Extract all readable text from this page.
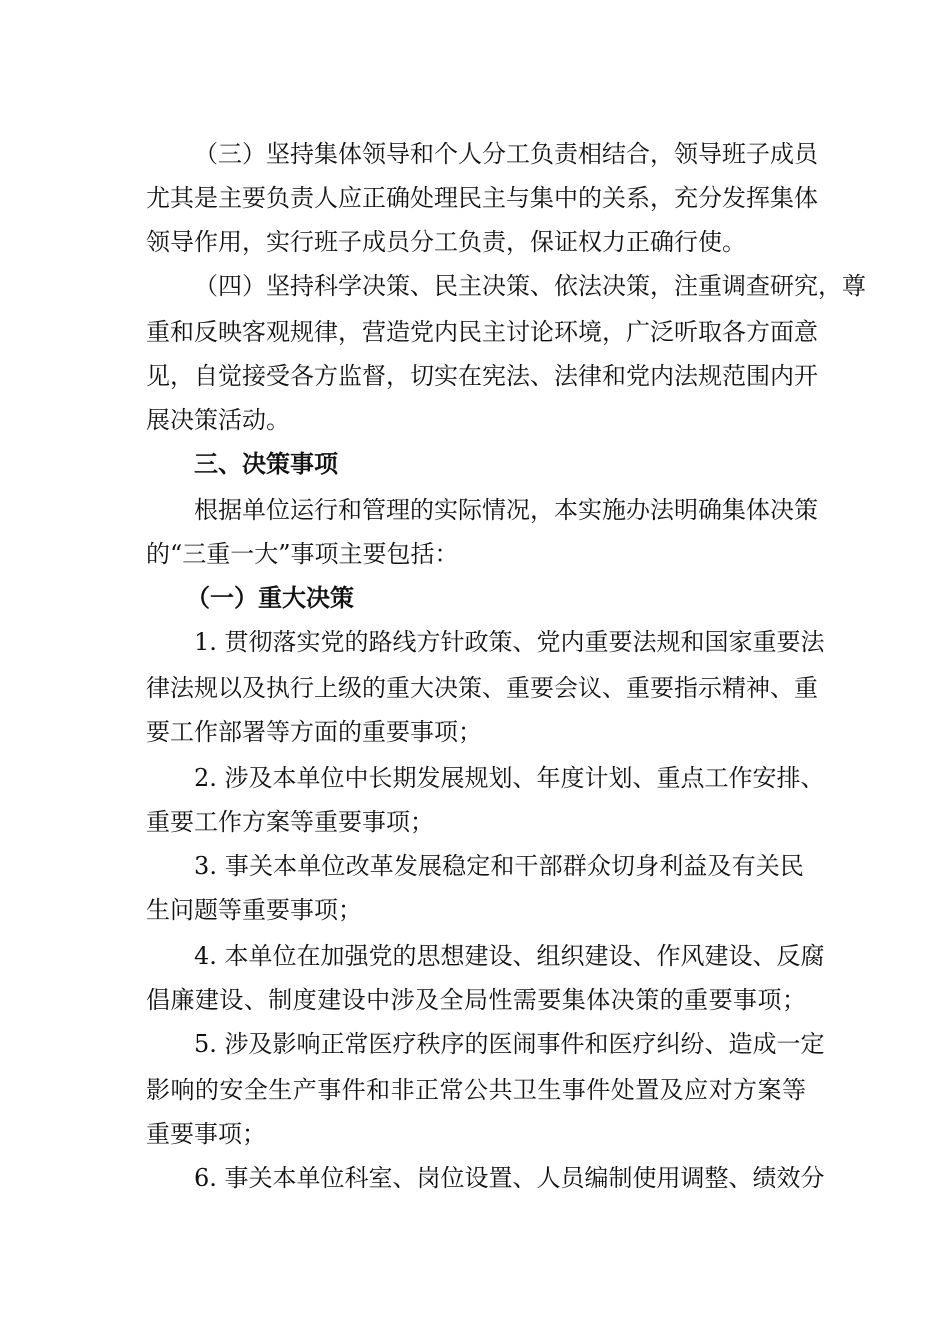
（三）坚持集体领导和个人分工负责相结合，领导班子成员
尤其是主要负责人应正确处理民主与集中的关系，充分发挥集体
领导作用，实行班子成员分工负责，保证权力正确行使。
（四）坚持科学决策、民主决策、依法决策，注重调查研究，尊
重和反映客观规律，营造党内民主讨论环境，广泛听取各方面意
见，自觉接受各方监督，切实在宪法、法律和党内法规范围内开
展决策活动。
三、决策事项
根据单位运行和管理的实际情况，本实施办法明确集体决策
的“三重一大”事项主要包括：
（一）重大决策
1. 贯彻落实党的路线方针政策、党内重要法规和国家重要法
律法规以及执行上级的重大决策、重要会议、重要指示精神、重
要工作部署等方面的重要事项；
2. 涉及本单位中长期发展规划、年度计划、重点工作安排、
重要工作方案等重要事项；
3. 事关本单位改革发展稳定和干部群众切身利益及有关民
生问题等重要事项；
4. 本单位在加强党的思想建设、组织建设、作风建设、反腐
倡廉建设、制度建设中涉及全局性需要集体决策的重要事项；
5. 涉及影响正常医疗秩序的医闹事件和医疗纠纷、造成一定
影响的安全生产事件和非正常公共卫生事件处置及应对方案等
重要事项；
6. 事关本单位科室、岗位设置、人员编制使用调整、绩效分
